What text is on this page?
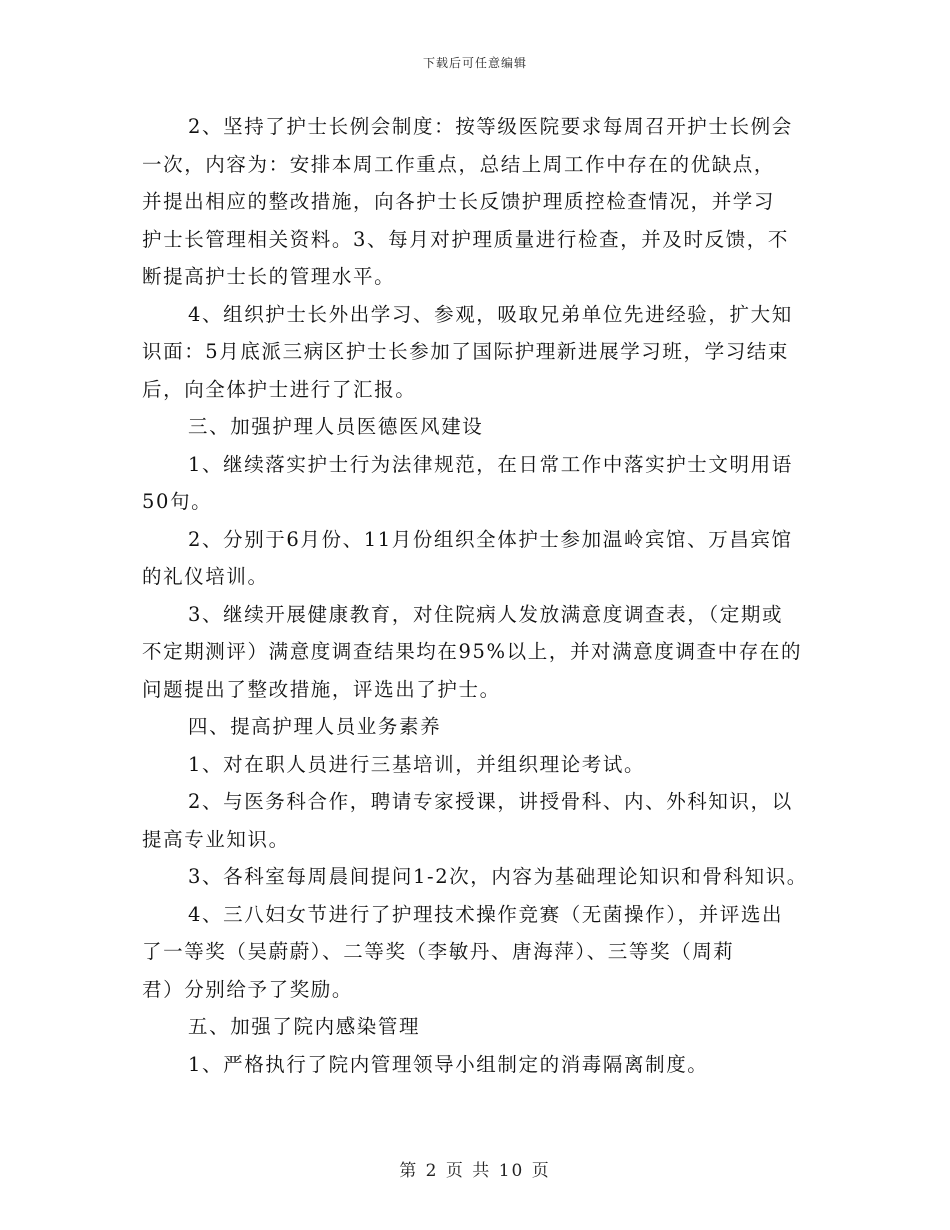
下载后可任意编辑
2、坚持了护士长例会制度：按等级医院要求每周召开护士长例会
一次，内容为：安排本周工作重点，总结上周工作中存在的优缺点，
并提出相应的整改措施，向各护士长反馈护理质控检查情况，并学习
护士长管理相关资料。3、每月对护理质量进行检查，并及时反馈，不
断提高护士长的管理水平。
4、组织护士长外出学习、参观，吸取兄弟单位先进经验，扩大知
识面：5月底派三病区护士长参加了国际护理新进展学习班，学习结束
后，向全体护士进行了汇报。
三、加强护理人员医德医风建设
1、继续落实护士行为法律规范，在日常工作中落实护士文明用语
50句。
2、分别于6月份、11月份组织全体护士参加温岭宾馆、万昌宾馆
的礼仪培训。
3、继续开展健康教育，对住院病人发放满意度调查表，（定期或
不定期测评）满意度调查结果均在95%以上，并对满意度调查中存在的
问题提出了整改措施，评选出了护士。
四、提高护理人员业务素养
1、对在职人员进行三基培训，并组织理论考试。
2、与医务科合作，聘请专家授课，讲授骨科、内、外科知识，以
提高专业知识。
3、各科室每周晨间提问1-2次，内容为基础理论知识和骨科知识。
4、三八妇女节进行了护理技术操作竞赛（无菌操作），并评选出
了一等奖（吴蔚蔚）、二等奖（李敏丹、唐海萍）、三等奖（周莉
君）分别给予了奖励。
五、加强了院内感染管理
1、严格执行了院内管理领导小组制定的消毒隔离制度。
第 2 页 共 10 页
